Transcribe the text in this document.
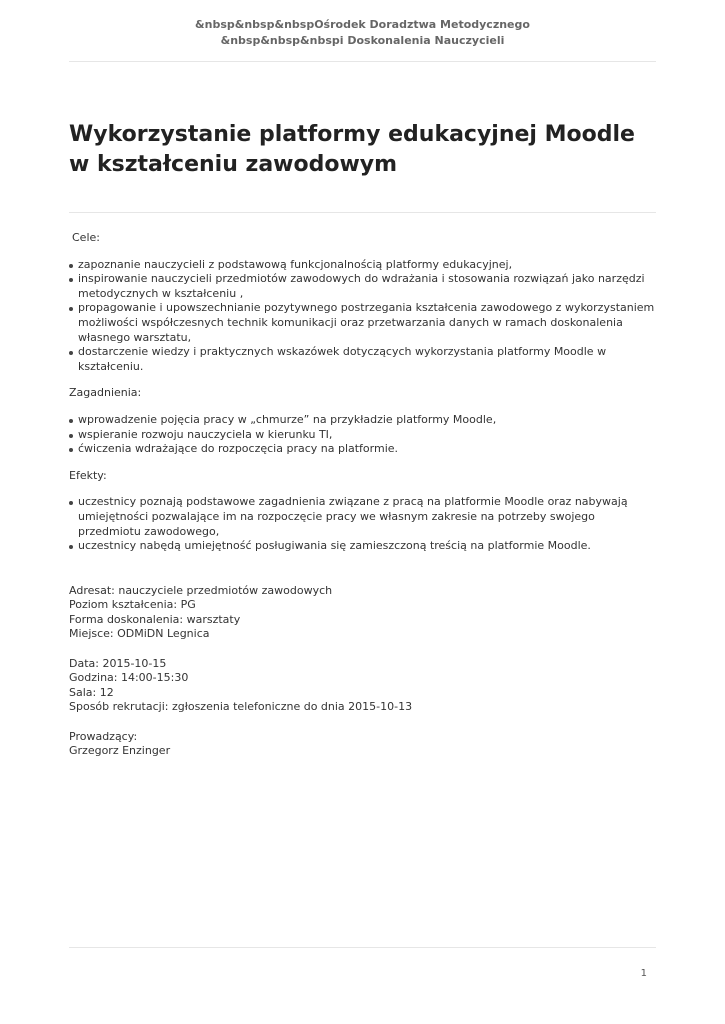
&nbsp&nbsp&nbspOśrodek Doradztwa Metodycznego
&nbsp&nbsp&nbspi Doskonalenia Nauczycieli
Wykorzystanie platformy edukacyjnej Moodle w kształceniu zawodowym

Cele:

zapoznanie nauczycieli z podstawową funkcjonalnością platformy edukacyjnej,
inspirowanie nauczycieli przedmiotów zawodowych do wdrażania i stosowania rozwiązań jako narzędzi metodycznych w kształceniu ,
propagowanie i upowszechnianie pozytywnego postrzegania kształcenia zawodowego z wykorzystaniem możliwości współczesnych technik komunikacji oraz przetwarzania danych w ramach doskonalenia własnego warsztatu,
dostarczenie wiedzy i praktycznych wskazówek dotyczących wykorzystania platformy Moodle w kształceniu.

Zagadnienia:

wprowadzenie pojęcia pracy w „chmurze” na przykładzie platformy Moodle,
wspieranie rozwoju nauczyciela w kierunku TI,
ćwiczenia wdrażające do rozpoczęcia pracy na platformie.

Efekty:

uczestnicy poznają podstawowe zagadnienia związane z pracą na platformie Moodle oraz nabywają umiejętności pozwalające im na rozpoczęcie pracy we własnym zakresie na potrzeby swojego przedmiotu zawodowego,
uczestnicy nabędą umiejętność posługiwania się zamieszczoną treścią na platformie Moodle.

Adresat: nauczyciele przedmiotów zawodowych

Poziom kształcenia: PG

Forma doskonalenia: warsztaty

Miejsce: ODMiDN Legnica

Data: 2015-10-15

Godzina: 14:00-15:30

Sala: 12

Sposób rekrutacji: zgłoszenia telefoniczne do dnia 2015-10-13

Prowadzący:

Grzegorz Enzinger

1
